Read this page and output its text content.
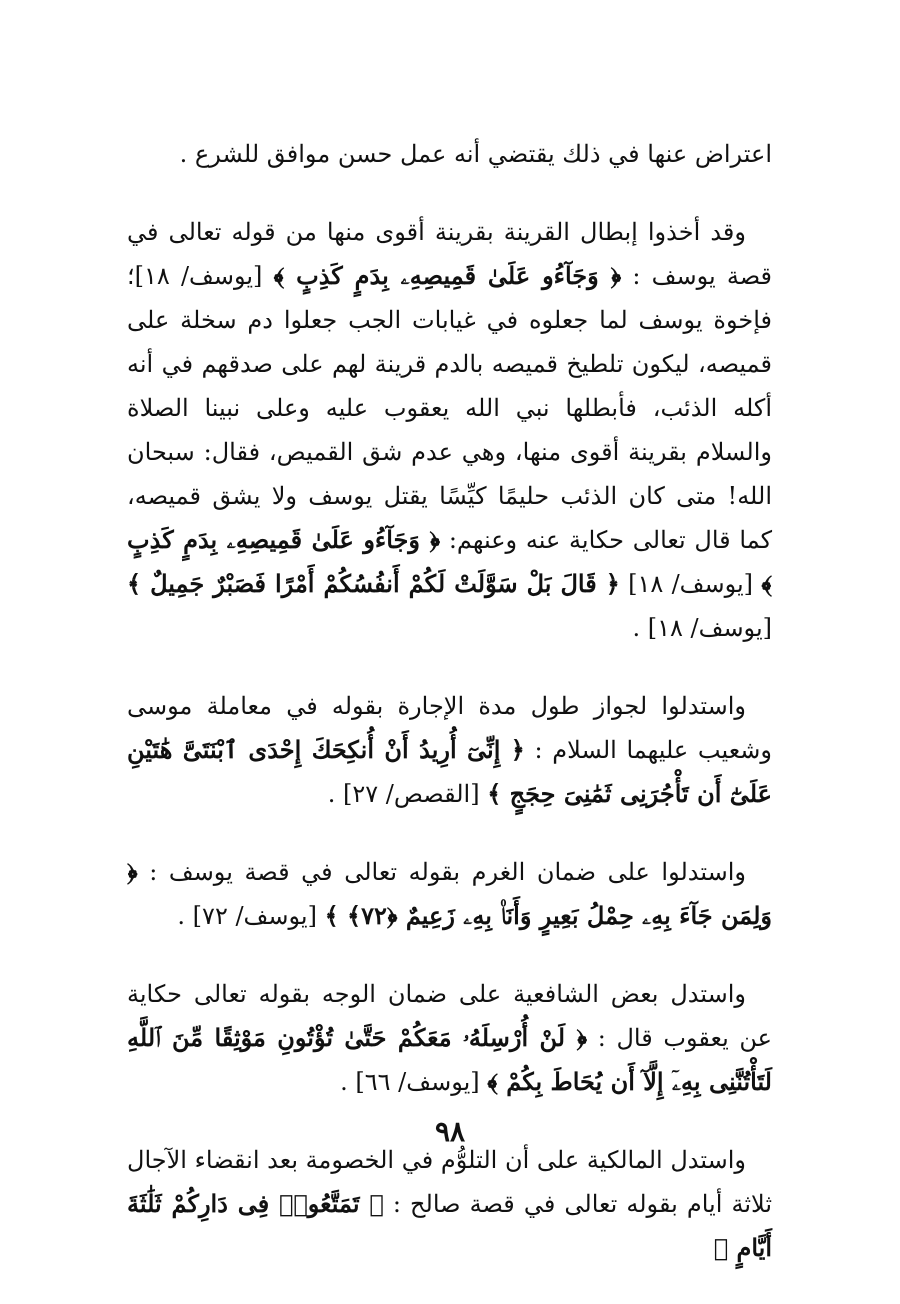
اعتراض عنها في ذلك يقتضي أنه عمل حسن موافق للشرع .

وقد أخذوا إبطال القرينة بقرينة أقوى منها من قوله تعالى في قصة يوسف : ﴿ وَجَآءُو عَلَىٰ قَمِيصِهِۦ بِدَمٍ كَذِبٍ ﴾ [يوسف/ ١٨]؛ فإخوة يوسف لما جعلوه في غيابات الجب جعلوا دم سخلة على قميصه، ليكون تلطيخ قميصه بالدم قرينة لهم على صدقهم في أنه أكله الذئب، فأبطلها نبي الله يعقوب عليه وعلى نبينا الصلاة والسلام بقرينة أقوى منها، وهي عدم شق القميص، فقال: سبحان الله! متى كان الذئب حليمًا كيِّسًا يقتل يوسف ولا يشق قميصه، كما قال تعالى حكاية عنه وعنهم: ﴿ وَجَآءُو عَلَىٰ قَمِيصِهِۦ بِدَمٍ كَذِبٍ ﴾ [يوسف/ ١٨] ﴿ قَالَ بَلْ سَوَّلَتْ لَكُمْ أَنفُسُكُمْ أَمْرًا فَصَبْرٌ جَمِيلٌ ﴾ [يوسف/ ١٨] .

واستدلوا لجواز طول مدة الإجارة بقوله في معاملة موسى وشعيب عليهما السلام : ﴿ إِنِّىٓ أُرِيدُ أَنْ أُنكِحَكَ إِحْدَى ٱبْنَتَىَّ هَٰتَيْنِ عَلَىٰٓ أَن تَأْجُرَنِى ثَمَٰنِىَ حِجَجٍ ﴾ [القصص/ ٢٧] .

واستدلوا على ضمان الغرم بقوله تعالى في قصة يوسف : ﴿ وَلِمَن جَآءَ بِهِۦ حِمْلُ بَعِيرٍ وَأَنَا۠ بِهِۦ زَعِيمٌ ﴿٧٢﴾ ﴾ [يوسف/ ٧٢] .

واستدل بعض الشافعية على ضمان الوجه بقوله تعالى حكاية عن يعقوب قال : ﴿ لَنْ أُرْسِلَهُۥ مَعَكُمْ حَتَّىٰ تُؤْتُونِ مَوْثِقًا مِّنَ ٱللَّهِ لَتَأْتُنَّنِى بِهِۦٓ إِلَّآ أَن يُحَاطَ بِكُمْ ﴾ [يوسف/ ٦٦] .

واستدل المالكية على أن التلوُّم في الخصومة بعد انقضاء الآجال ثلاثة أيام بقوله تعالى في قصة صالح : ﴿ تَمَتَّعُوا۟ فِى دَارِكُمْ ثَلَٰثَةَ أَيَّامٍ ﴾

٩٨
